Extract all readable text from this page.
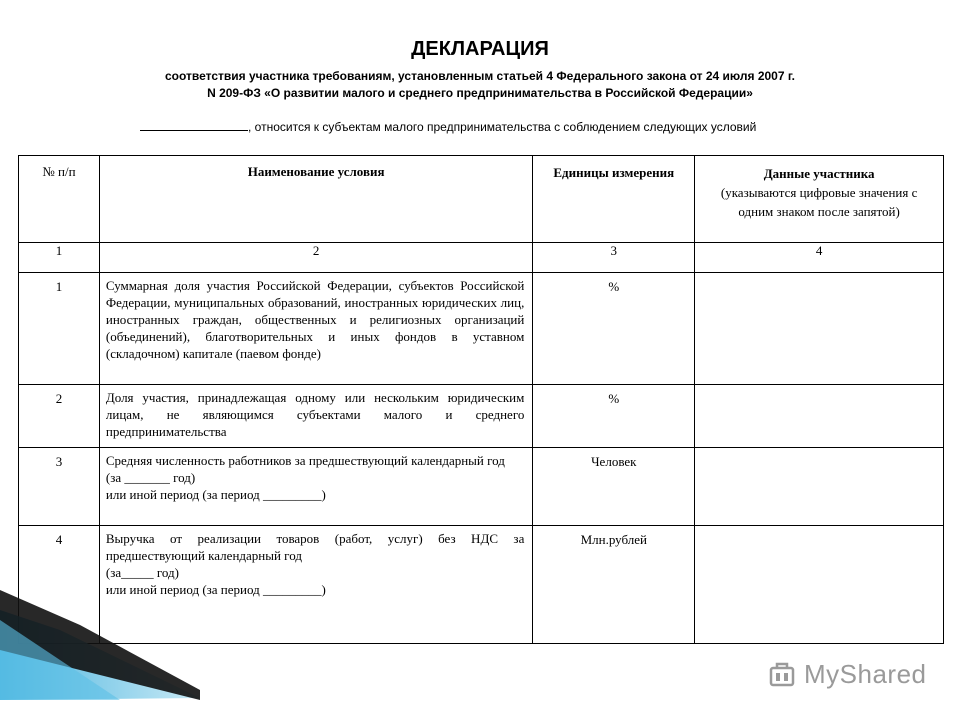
ДЕКЛАРАЦИЯ
соответствия участника требованиям, установленным статьей 4 Федерального закона от 24 июля 2007 г.
N 209-ФЗ «О развитии малого и среднего предпринимательства в Российской Федерации»
, относится к субъектам малого предпринимательства с соблюдением следующих условий
№ п/п	Наименование условия	Единицы измерения	Данные участника
(указываются цифровые значения с одним знаком после запятой)

1	2	3	4
1	Суммарная доля участия Российской Федерации, субъектов Российской Федерации, муниципальных образований, иностранных юридических лиц, иностранных граждан, общественных и религиозных организаций (объединений), благотворительных и иных фондов в уставном (складочном) капитале (паевом фонде)	%	
2	Доля участия, принадлежащая одному или нескольким юридическим лицам, не являющимся субъектами малого и среднего предпринимательства	%	
3	Средняя численность работников за предшествующий календарный год
(за _______ год)
или иной период (за период _________)	Человек	
4	Выручка от реализации товаров (работ, услуг) без НДС за предшествующий календарный год
(за_____ год)
или иной период (за период _________)	Млн.рублей	
MyShared
